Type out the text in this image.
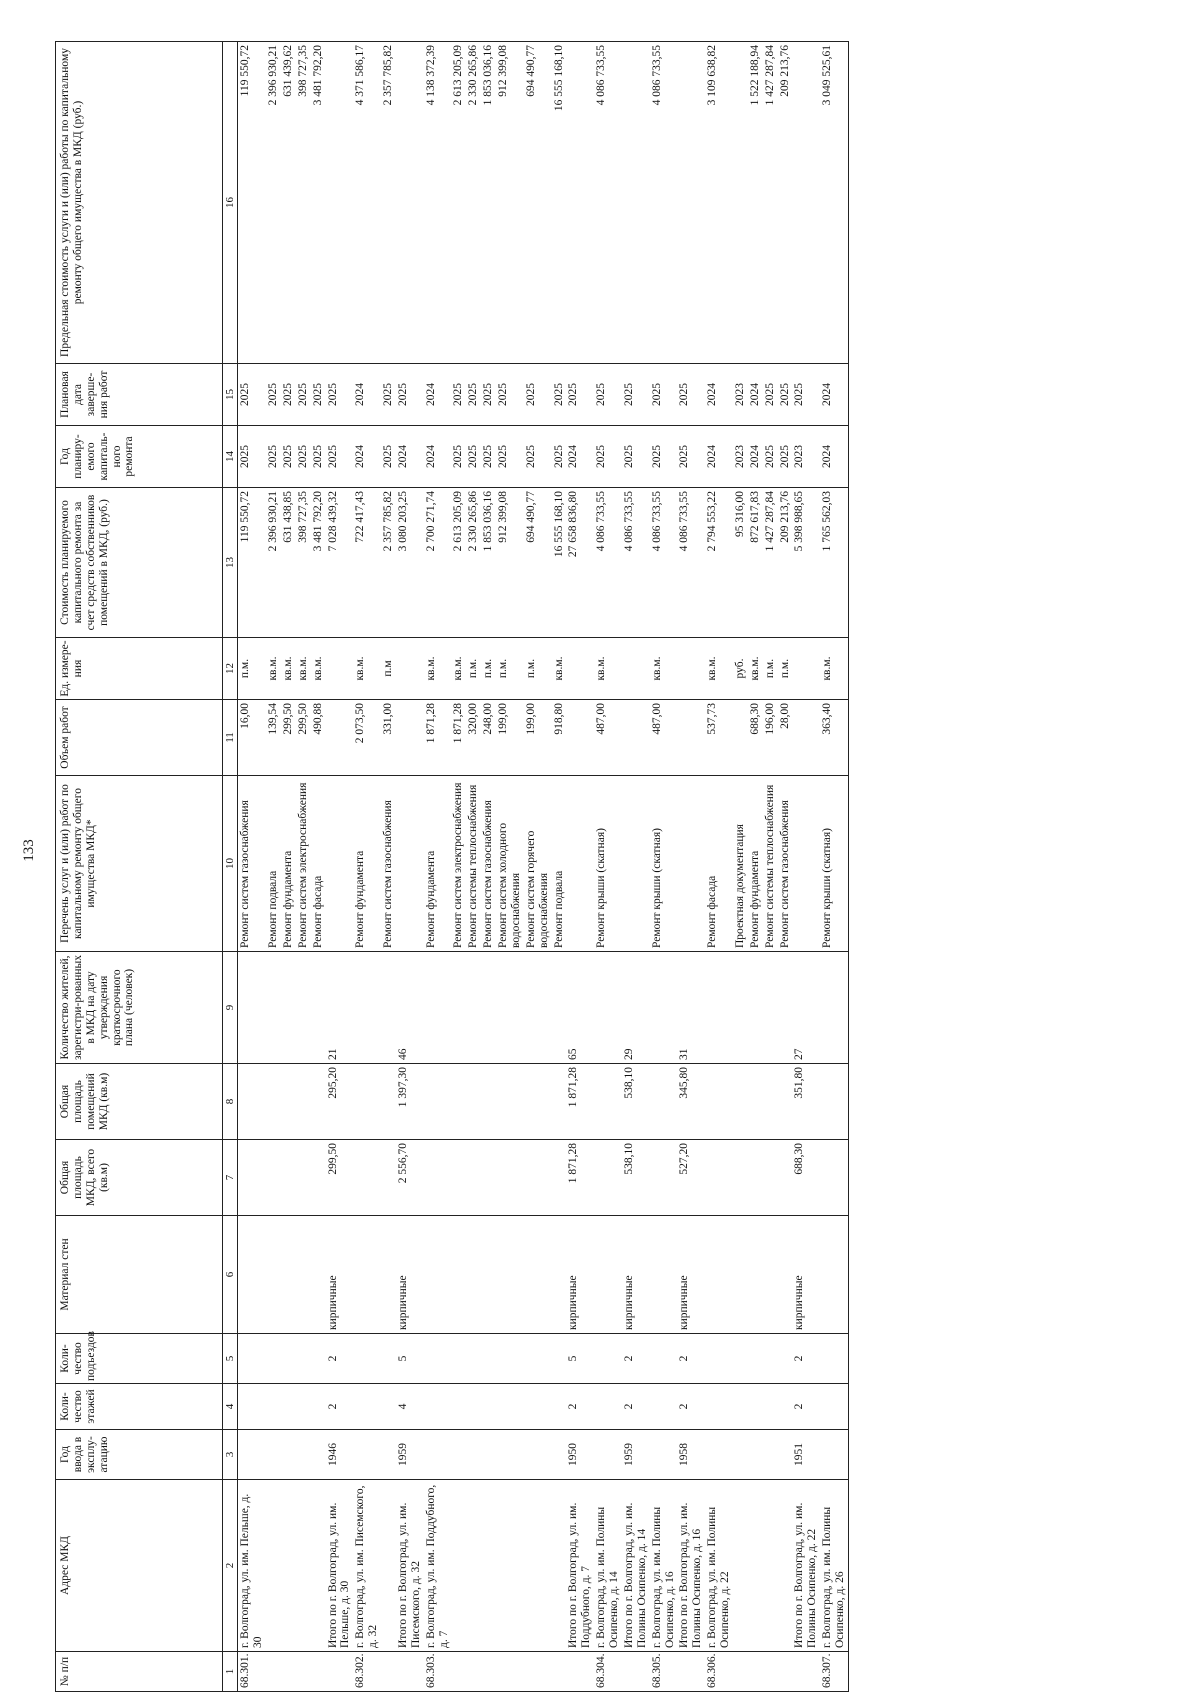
133
№ п/п	Адрес МКД	Год ввода в эксплу-атацию	Коли-чество этажей	Коли-чество подъездов	Материал стен	Общая площадь МКД, всего (кв.м)	Общая площадь помещений МКД (кв.м)	Количество жителей, зарегистри-рованных в МКД на дату утверждения краткосрочного плана (человек)	Перечень услуг и (или) работ по капитальному ремонту общего имущества МКД*	Объем работ	Ед. измере-ния	Стоимость планируемого капитального ремонта за счет средств собственников помещений в МКД, (руб.)	Год планиру-емого капиталь-ного ремонта	Плановая дата заверше-ния работ	Предельная стоимость услуги и (или) работы по капитальному ремонту общего имущества в МКД (руб.)
1	2	3	4	5	6	7	8	9	10	11	12	13	14	15	16
68.301.	г. Волгоград, ул. им. Пельше, д. 30								Ремонт систем газоснабжения	16,00	п.м.	119 550,72	2025	2025	119 550,72
									Ремонт подвала	139,54	кв.м.	2 396 930,21	2025	2025	2 396 930,21
									Ремонт фундамента	299,50	кв.м.	631 438,85	2025	2025	631 439,62
									Ремонт систем электроснабжения	299,50	кв.м.	398 727,35	2025	2025	398 727,35
									Ремонт фасада	490,88	кв.м.	3 481 792,20	2025	2025	3 481 792,20
	Итого по г. Волгоград, ул. им. Пельше, д. 30	1946	2	2	кирпичные	299,50	295,20	21				7 028 439,32	2025	2025	
68.302.	г. Волгоград, ул. им. Писемского, д. 32								Ремонт фундамента	2 073,50	кв.м.	722 417,43	2024	2024	4 371 586,17
									Ремонт систем газоснабжения	331,00	п.м	2 357 785,82	2025	2025	2 357 785,82
	Итого по г. Волгоград, ул. им. Писемского, д. 32	1959	4	5	кирпичные	2 556,70	1 397,30	46				3 080 203,25	2024	2025	
68.303.	г. Волгоград, ул. им. Поддубного, д. 7								Ремонт фундамента	1 871,28	кв.м.	2 700 271,74	2024	2024	4 138 372,39
									Ремонт систем электроснабжения	1 871,28	кв.м.	2 613 205,09	2025	2025	2 613 205,09
									Ремонт системы теплоснабжения	320,00	п.м.	2 330 265,86	2025	2025	2 330 265,86
									Ремонт систем газоснабжения	248,00	п.м.	1 853 036,16	2025	2025	1 853 036,16
									Ремонт систем холодного водоснабжения	199,00	п.м.	912 399,08	2025	2025	912 399,08
									Ремонт систем горячего водоснабжения	199,00	п.м.	694 490,77	2025	2025	694 490,77
									Ремонт подвала	918,80	кв.м.	16 555 168,10	2025	2025	16 555 168,10
	Итого по г. Волгоград, ул. им. Поддубного, д. 7	1950	2	5	кирпичные	1 871,28	1 871,28	65				27 658 836,80	2024	2025	
68.304.	г. Волгоград, ул. им. Полины Осипенко, д. 14								Ремонт крыши (скатная)	487,00	кв.м.	4 086 733,55	2025	2025	4 086 733,55
	Итого по г. Волгоград, ул. им. Полины Осипенко, д. 14	1959	2	2	кирпичные	538,10	538,10	29				4 086 733,55	2025	2025	
68.305.	г. Волгоград, ул. им. Полины Осипенко, д. 16								Ремонт крыши (скатная)	487,00	кв.м.	4 086 733,55	2025	2025	4 086 733,55
	Итого по г. Волгоград, ул. им. Полины Осипенко, д. 16	1958	2	2	кирпичные	527,20	345,80	31				4 086 733,55	2025	2025	
68.306.	г. Волгоград, ул. им. Полины Осипенко, д. 22								Ремонт фасада	537,73	кв.м.	2 794 553,22	2024	2024	3 109 638,82
									Проектная документация		руб.	95 316,00	2023	2023	
									Ремонт фундамента	688,30	кв.м.	872 617,83	2024	2024	1 522 188,94
									Ремонт системы теплоснабжения	196,00	п.м.	1 427 287,84	2025	2025	1 427 287,84
									Ремонт систем газоснабжения	28,00	п.м.	209 213,76	2025	2025	209 213,76
	Итого по г. Волгоград, ул. им. Полины Осипенко, д. 22	1951	2	2	кирпичные	688,30	351,80	27				5 398 988,65	2023	2025	
68.307.	г. Волгоград, ул. им. Полины Осипенко, д. 26								Ремонт крыши (скатная)	363,40	кв.м.	1 765 562,03	2024	2024	3 049 525,61
